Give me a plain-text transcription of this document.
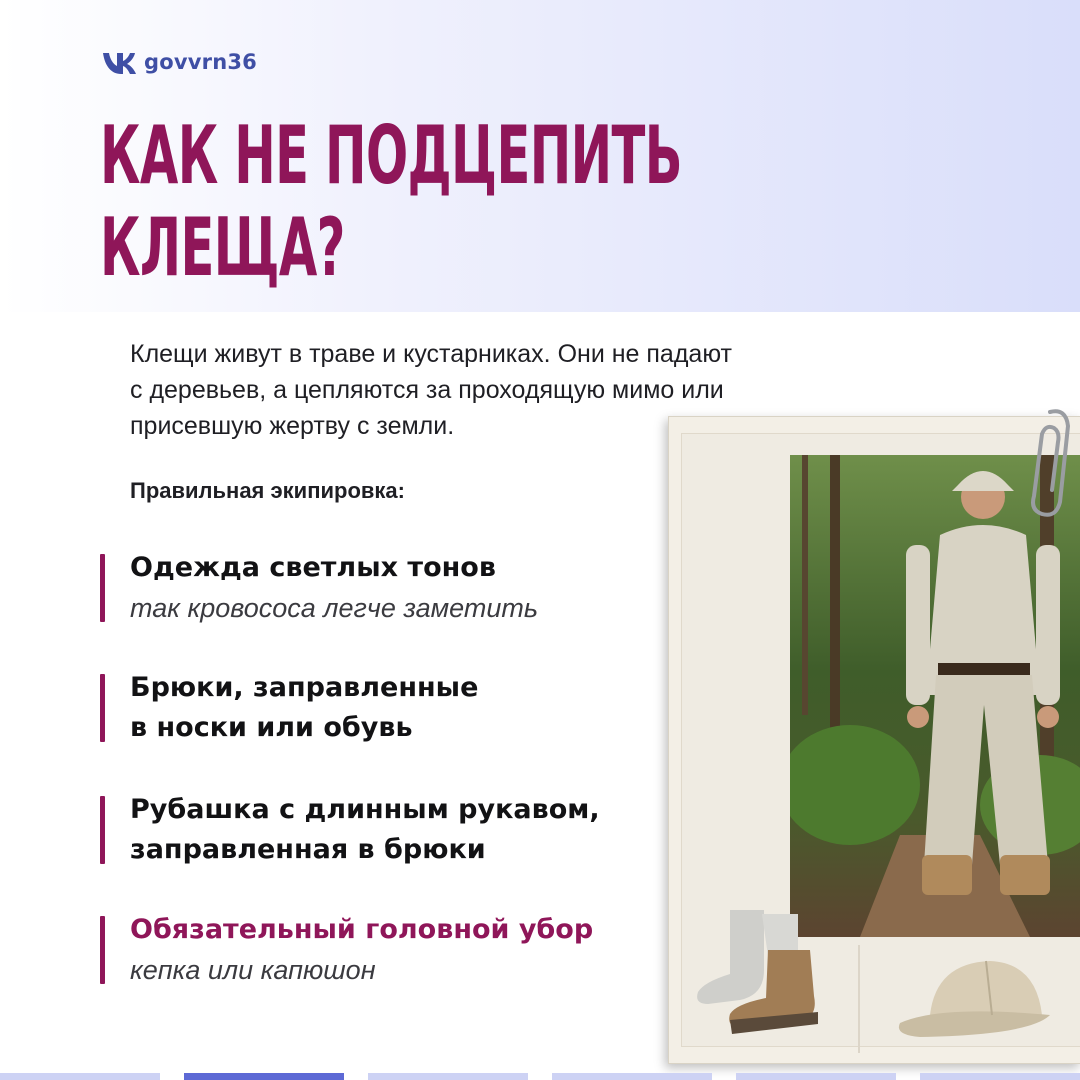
govvrn36
КАК НЕ ПОДЦЕПИТЬ
КЛЕЩА?

Клещи живут в траве и кустарниках. Они не падают
с деревьев, а цепляются за проходящую мимо или
присевшую жертву с земли.

Правильная экипировка:
Одежда светлых тонов
так кровососа легче заметить
Брюки, заправленные
в носки или обувь
Рубашка с длинным рукавом,
заправленная в брюки
Обязательный головной убор
кепка или капюшон
